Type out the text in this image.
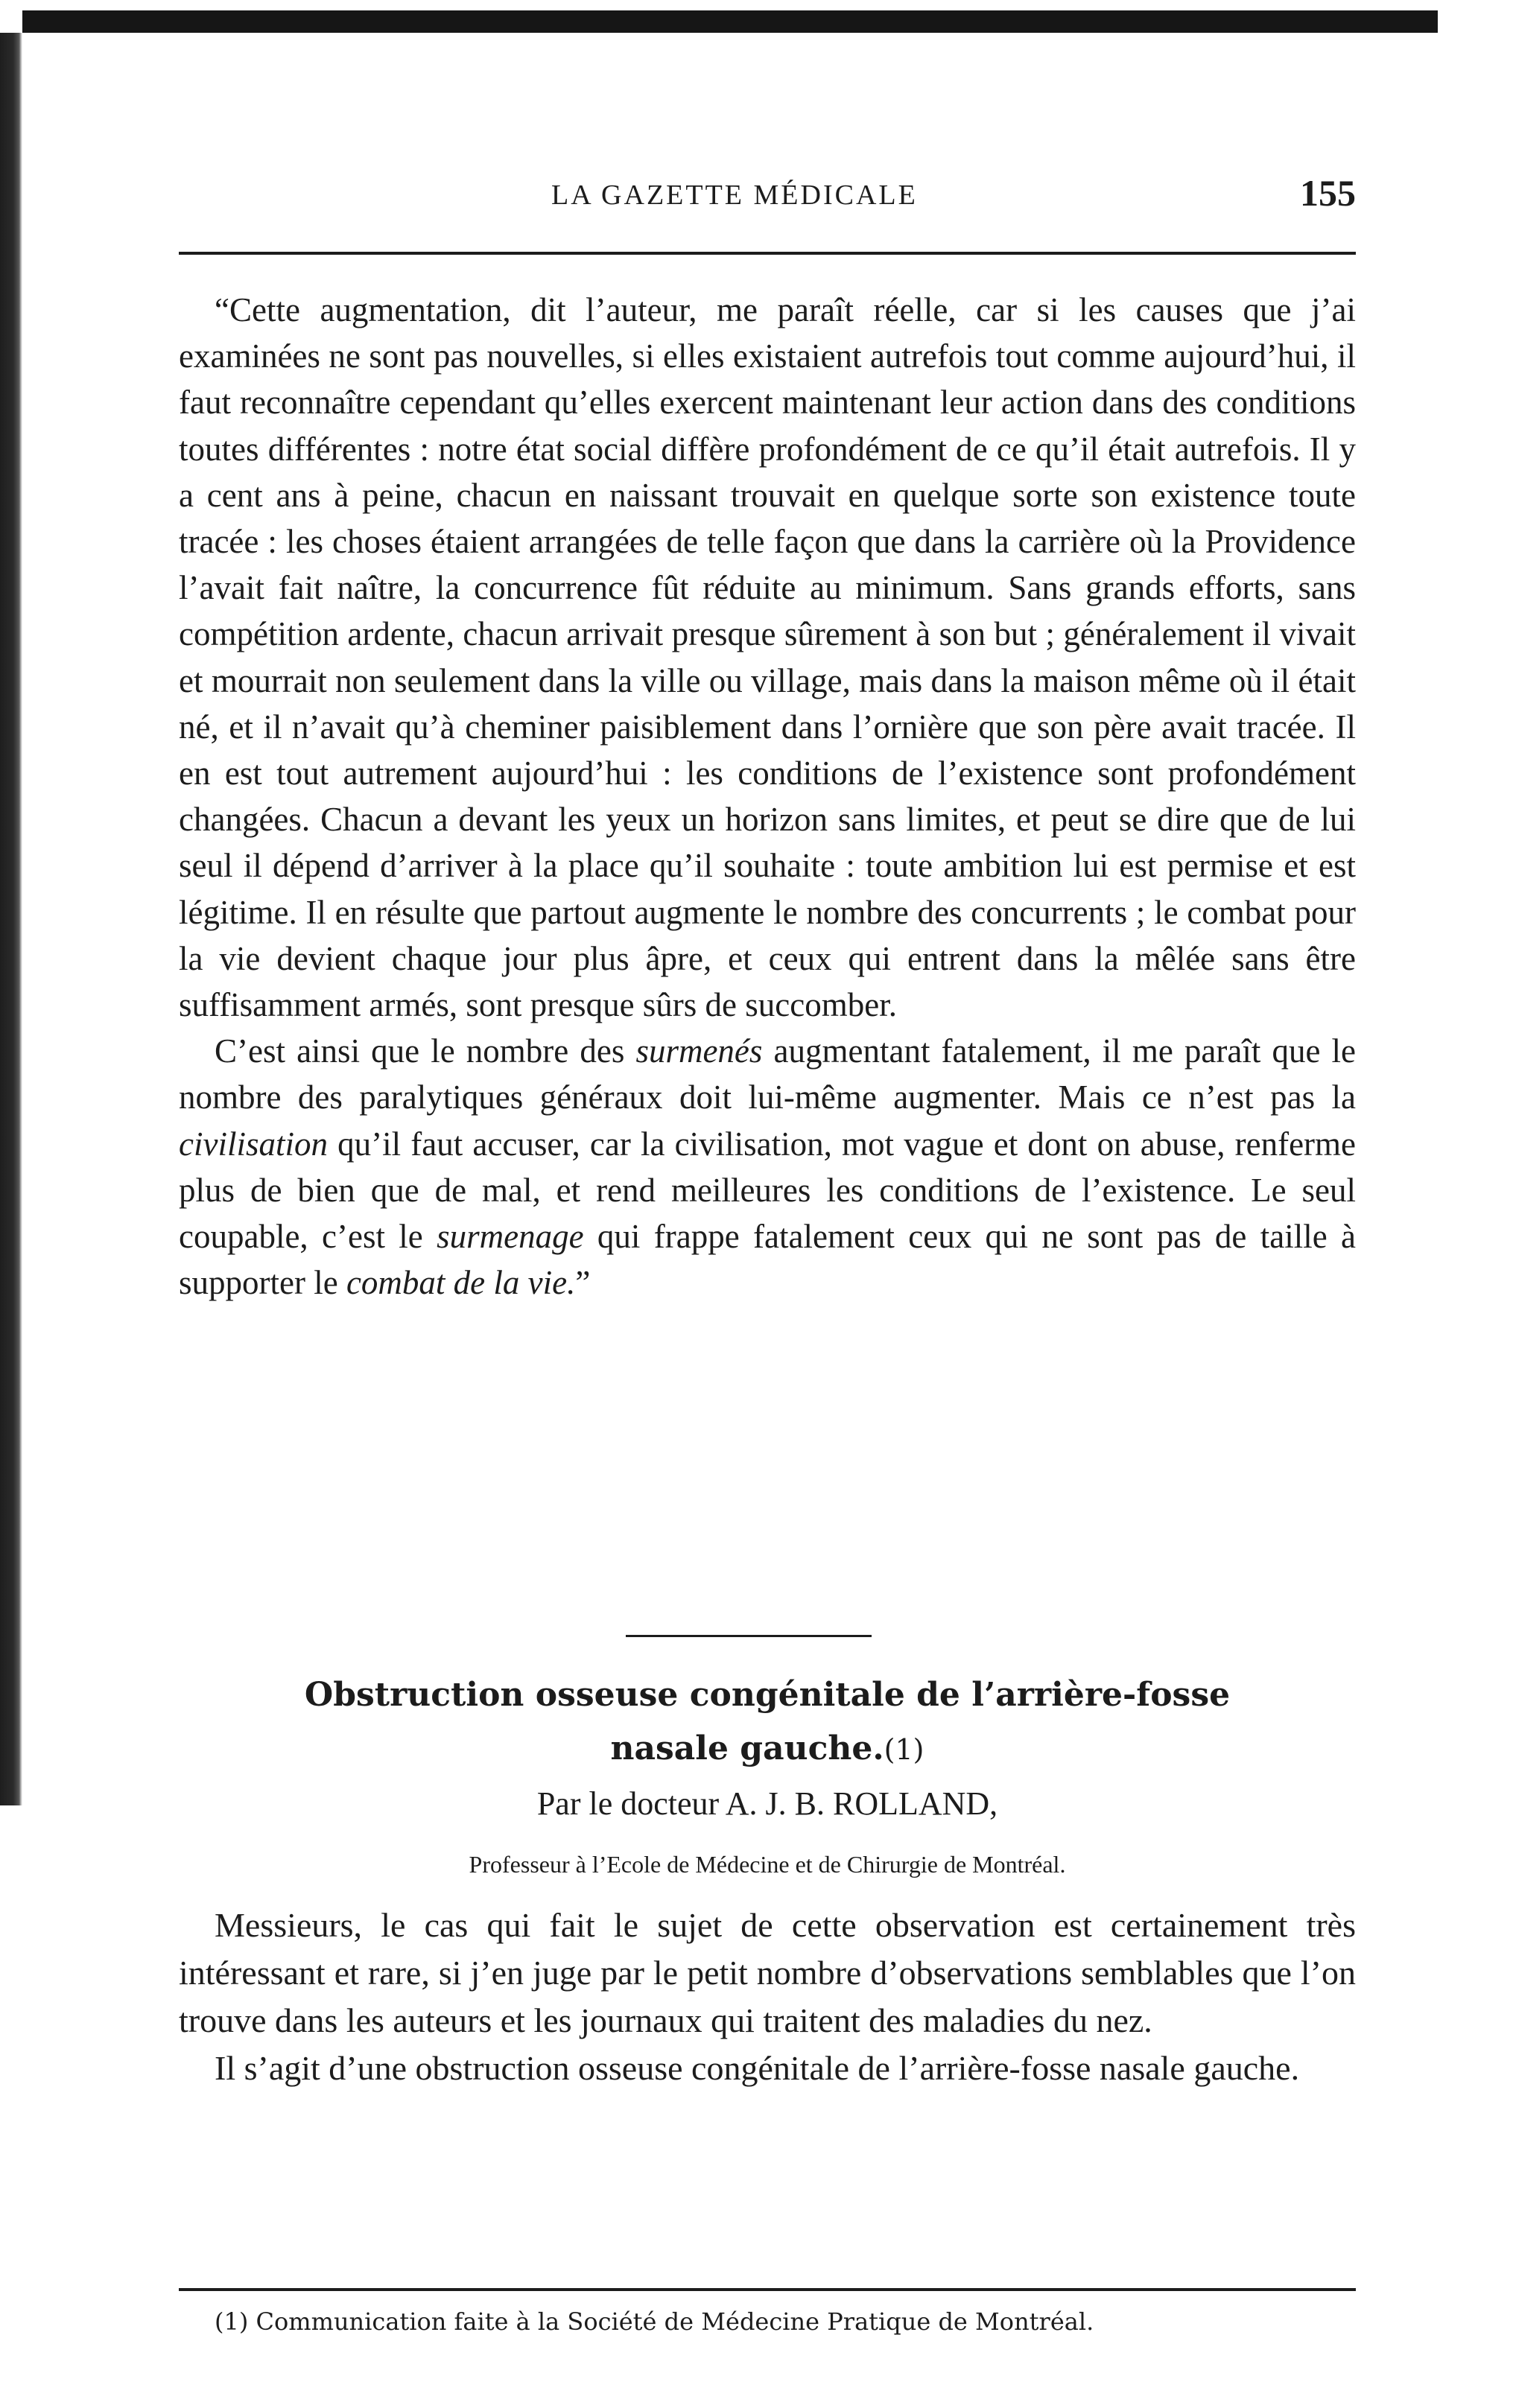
LA GAZETTE MÉDICALE	155

“Cette augmentation, dit l’auteur, me paraît réelle, car si les causes que j’ai examinées ne sont pas nouvelles, si elles existaient autrefois tout comme aujourd’hui, il faut reconnaître cependant qu’elles exercent maintenant leur action dans des conditions toutes différentes : notre état social diffère profondément de ce qu’il était autrefois. Il y a cent ans à peine, chacun en naissant trouvait en quelque sorte son existence toute tracée : les choses étaient arrangées de telle façon que dans la carrière où la Providence l’avait fait naître, la concurrence fût réduite au minimum. Sans grands efforts, sans compétition ardente, chacun arrivait presque sûrement à son but ; généralement il vivait et mourrait non seulement dans la ville ou village, mais dans la maison même où il était né, et il n’avait qu’à cheminer paisiblement dans l’ornière que son père avait tracée. Il en est tout autrement aujourd’hui : les conditions de l’existence sont profondément changées. Chacun a devant les yeux un horizon sans limites, et peut se dire que de lui seul il dépend d’arriver à la place qu’il souhaite : toute ambition lui est permise et est légitime. Il en résulte que partout augmente le nombre des concurrents ; le combat pour la vie devient chaque jour plus âpre, et ceux qui entrent dans la mêlée sans être suffisamment armés, sont presque sûrs de succomber.

C’est ainsi que le nombre des surmenés augmentant fatalement, il me paraît que le nombre des paralytiques généraux doit lui-même augmenter. Mais ce n’est pas la civilisation qu’il faut accuser, car la civilisation, mot vague et dont on abuse, renferme plus de bien que de mal, et rend meilleures les conditions de l’existence. Le seul coupable, c’est le surmenage qui frappe fatalement ceux qui ne sont pas de taille à supporter le combat de la vie.”

Obstruction osseuse congénitale de l’arrière-fosse
nasale gauche.(1)
Par le docteur A. J. B. ROLLAND,
Professeur à l’Ecole de Médecine et de Chirurgie de Montréal.

Messieurs, le cas qui fait le sujet de cette observation est certainement très intéressant et rare, si j’en juge par le petit nombre d’observations semblables que l’on trouve dans les auteurs et les journaux qui traitent des maladies du nez.

Il s’agit d’une obstruction osseuse congénitale de l’arrière-fosse nasale gauche.

(1) Communication faite à la Société de Médecine Pratique de Montréal.
